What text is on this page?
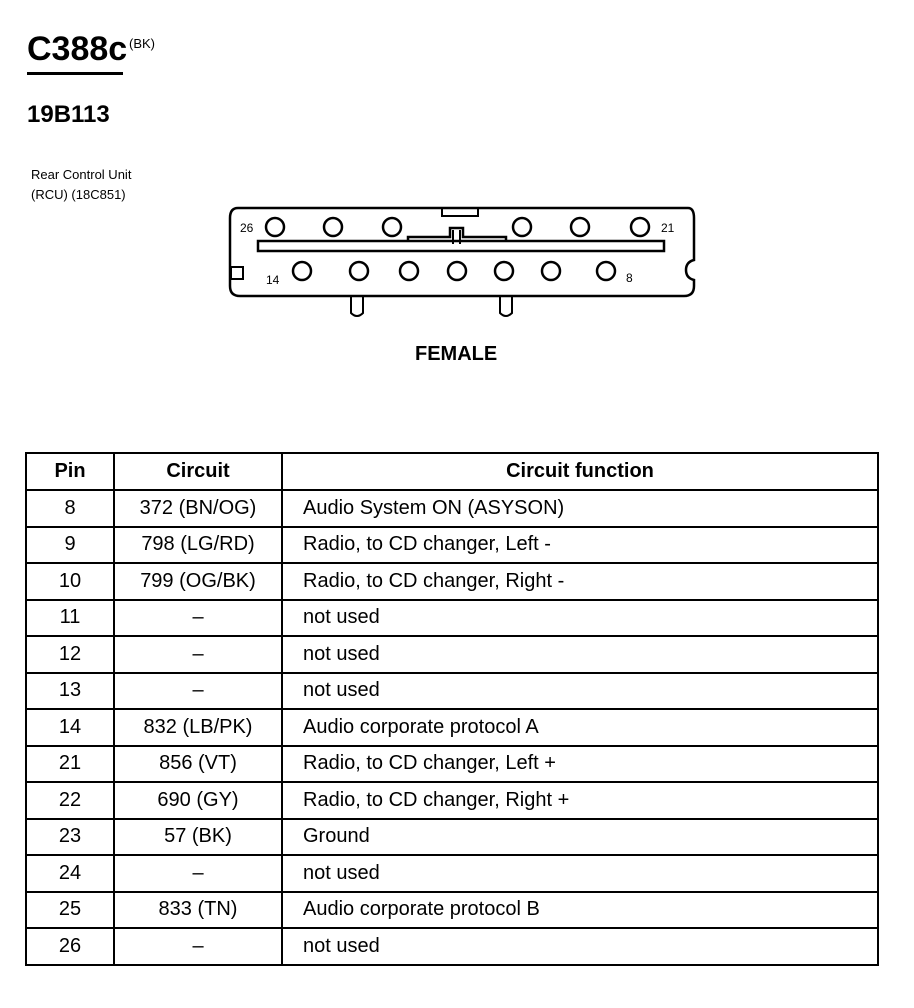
C388c (BK)
19B113
Rear Control Unit
(RCU) (18C851)
26	21
14	8
FEMALE
Pin	Circuit	Circuit function
8	372 (BN/OG)	Audio System ON (ASYSON)
9	798 (LG/RD)	Radio, to CD changer, Left -
10	799 (OG/BK)	Radio, to CD changer, Right -
11	–	not used
12	–	not used
13	–	not used
14	832 (LB/PK)	Audio corporate protocol A
21	856 (VT)	Radio, to CD changer, Left +
22	690 (GY)	Radio, to CD changer, Right +
23	57 (BK)	Ground
24	–	not used
25	833 (TN)	Audio corporate protocol B
26	–	not used
